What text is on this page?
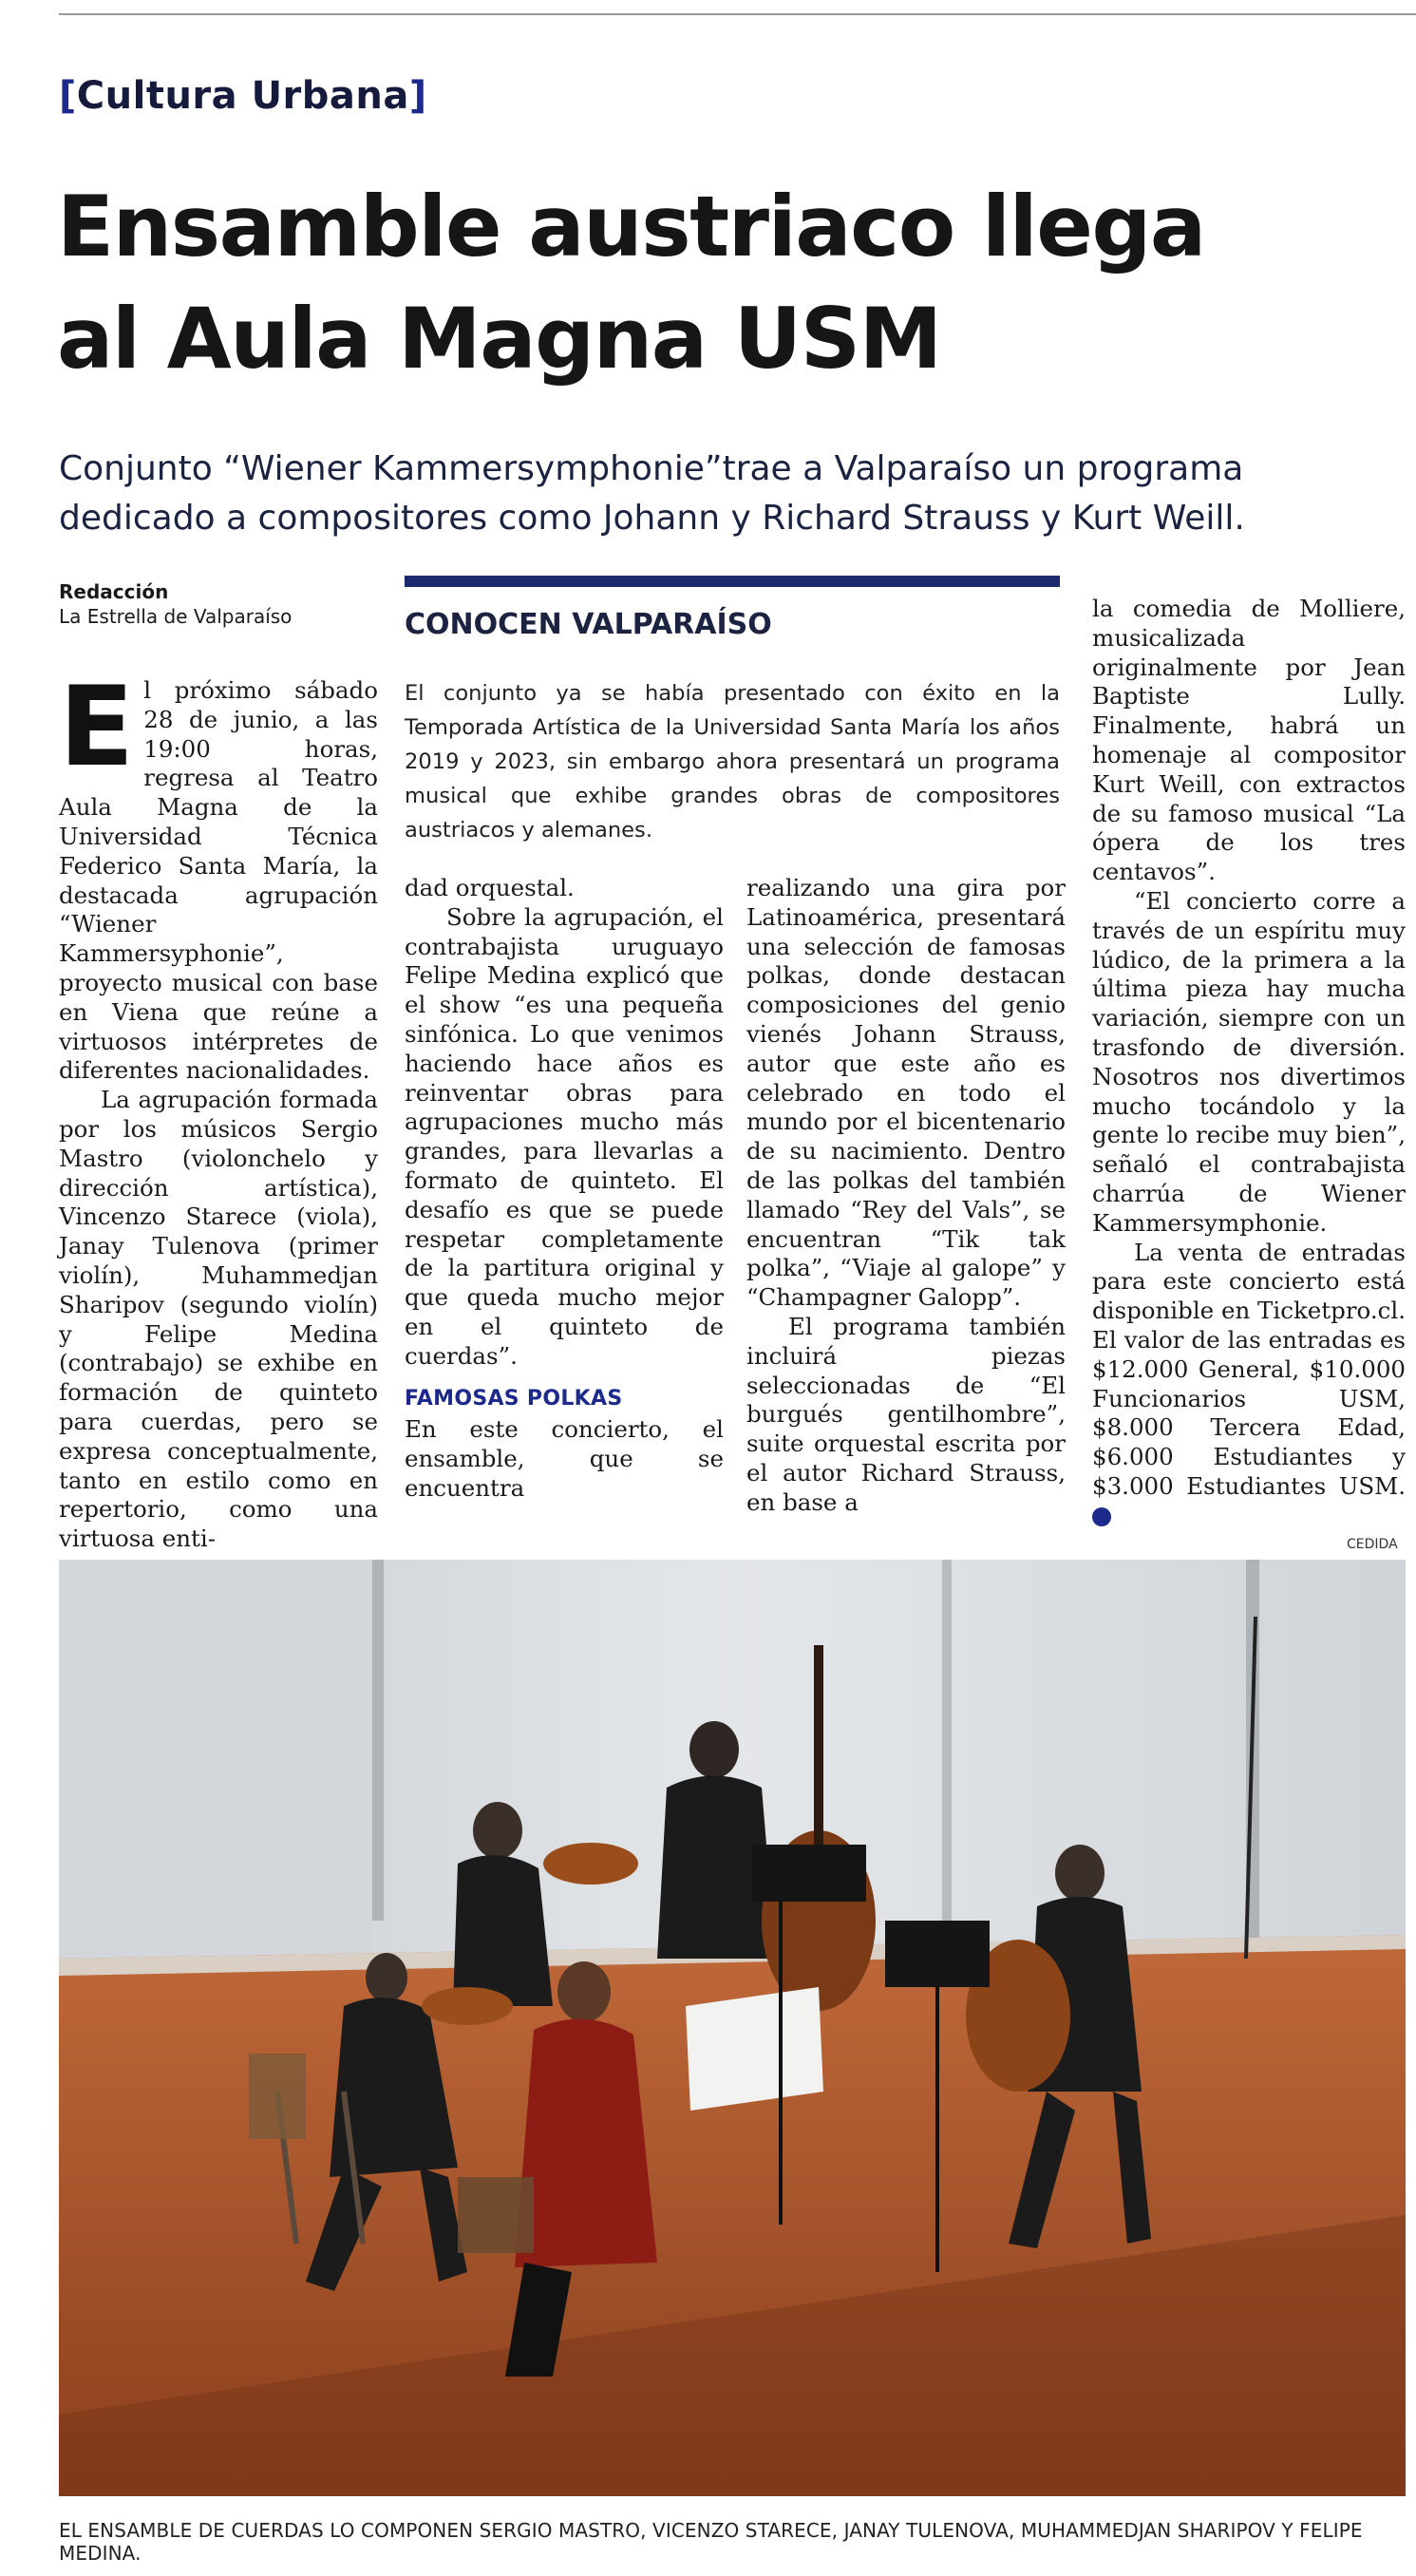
[Cultura Urbana]
Ensamble austriaco llega
al Aula Magna USM
Conjunto “Wiener Kammersymphonie”trae a Valparaíso un programa
dedicado a compositores como Johann y Richard Strauss y Kurt Weill.
Redacción
La Estrella de Valparaíso	CONOCEN VALPARAÍSO
El conjunto ya se había presentado con éxito en la Temporada Artística de la Universidad Santa María los años 2019 y 2023, sin embargo ahora presentará un programa musical que exhibe grandes obras de compositores austriacos y alemanes.

El próximo sábado 28 de junio, a las 19:00 horas, regresa al Teatro Aula Magna de la Universidad Técnica Federico Santa María, la destacada agrupación “Wiener Kammersyphonie”, proyecto musical con base en Viena que reúne a virtuosos intérpretes de diferentes nacionalidades.

La agrupación formada por los músicos Sergio Mastro (violonchelo y dirección artística), Vincenzo Starece (viola), Janay Tulenova (primer violín), Muhammedjan Sharipov (segundo violín) y Felipe Medina (contrabajo) se exhibe en formación de quinteto para cuerdas, pero se expresa conceptualmente, tanto en estilo como en repertorio, como una virtuosa enti-

dad orquestal.

Sobre la agrupación, el contrabajista uruguayo Felipe Medina explicó que el show “es una pequeña sinfónica. Lo que venimos haciendo hace años es reinventar obras para agrupaciones mucho más grandes, para llevarlas a formato de quinteto. El desafío es que se puede respetar completamente de la partitura original y que queda mucho mejor en el quinteto de cuerdas”.

FAMOSAS POLKAS

En este concierto, el ensamble, que se encuentra

realizando una gira por Latinoamérica, presentará una selección de famosas polkas, donde destacan composiciones del genio vienés Johann Strauss, autor que este año es celebrado en todo el mundo por el bicentenario de su nacimiento. Dentro de las polkas del también llamado “Rey del Vals”, se encuentran “Tik tak polka”, “Viaje al galope” y “Champagner Galopp”.

El programa también incluirá piezas seleccionadas de “El burgués gentilhombre”, suite orquestal escrita por el autor Richard Strauss, en base a

la comedia de Molliere, musicalizada originalmente por Jean Baptiste Lully. Finalmente, habrá un homenaje al compositor Kurt Weill, con extractos de su famoso musical “La ópera de los tres centavos”.

“El concierto corre a través de un espíritu muy lúdico, de la primera a la última pieza hay mucha variación, siempre con un trasfondo de diversión. Nosotros nos divertimos mucho tocándolo y la gente lo recibe muy bien”, señaló el contrabajista charrúa de Wiener Kammersymphonie.

La venta de entradas para este concierto está disponible en Ticketpro.cl. El valor de las entradas es $12.000 General, $10.000 Funcionarios USM, $8.000 Tercera Edad, $6.000 Estudiantes y $3.000 Estudiantes USM. ✪

CEDIDA
EL ENSAMBLE DE CUERDAS LO COMPONEN SERGIO MASTRO, VICENZO STARECE, JANAY TULENOVA, MUHAMMEDJAN SHARIPOV Y FELIPE MEDINA.
